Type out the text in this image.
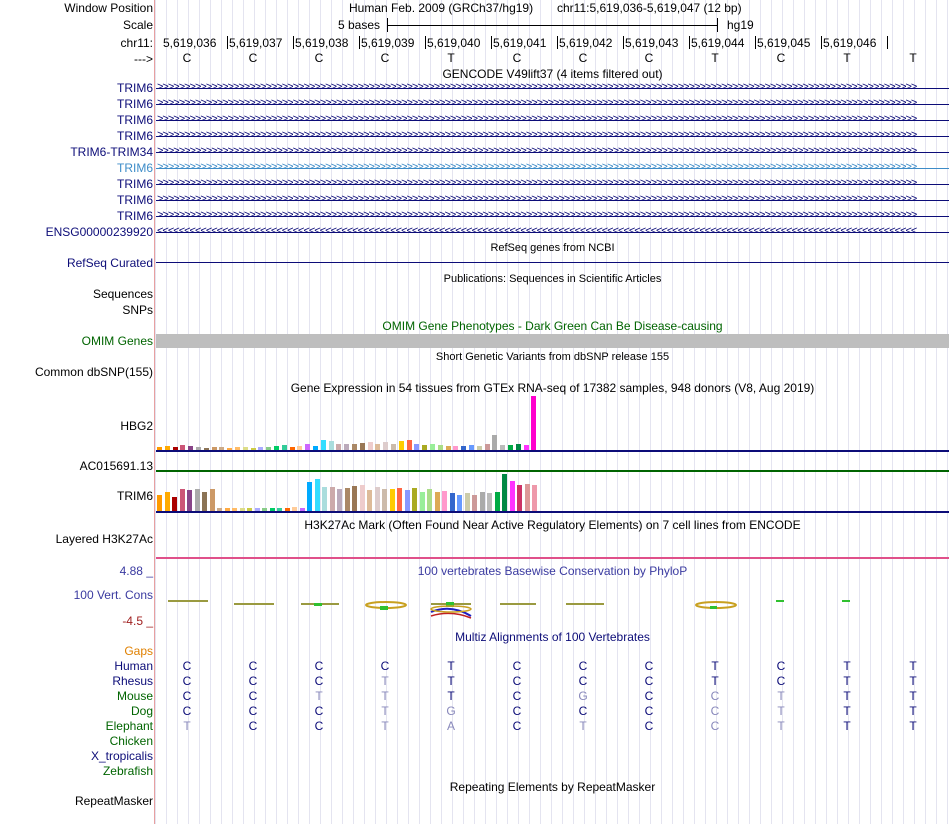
Window Position	Human Feb. 2009 (GRCh37/hg19) chr11:5,619,036-5,619,047 (12 bp)
Scale	5 bases	hg19
chr11: 5,619,036 5,619,037 5,619,038 5,619,039 5,619,040 5,619,041 5,619,042 5,619,043 5,619,044 5,619,045 5,619,046
--->	C	C	C	C	T	C	C	C	T	C	T	T
GENCODE V49lift37 (4 items filtered out)
TRIM6 >>>>>>>>>>>>>>>>>>>>>>>>>>>>>>>>>>>>>>>>>>>>>>>>>>>>>>>>>>>>>>>>>>>>>>>>>>>>>>>>>>>>>>>>>>>>>>>>>>>>>>>>>>>>>>>>>>>>>>>>>>>>>>>>>>>>>>>>>>>>
TRIM6 >>>>>>>>>>>>>>>>>>>>>>>>>>>>>>>>>>>>>>>>>>>>>>>>>>>>>>>>>>>>>>>>>>>>>>>>>>>>>>>>>>>>>>>>>>>>>>>>>>>>>>>>>>>>>>>>>>>>>>>>>>>>>>>>>>>>>>>>>>>>
TRIM6 >>>>>>>>>>>>>>>>>>>>>>>>>>>>>>>>>>>>>>>>>>>>>>>>>>>>>>>>>>>>>>>>>>>>>>>>>>>>>>>>>>>>>>>>>>>>>>>>>>>>>>>>>>>>>>>>>>>>>>>>>>>>>>>>>>>>>>>>>>>>
TRIM6 >>>>>>>>>>>>>>>>>>>>>>>>>>>>>>>>>>>>>>>>>>>>>>>>>>>>>>>>>>>>>>>>>>>>>>>>>>>>>>>>>>>>>>>>>>>>>>>>>>>>>>>>>>>>>>>>>>>>>>>>>>>>>>>>>>>>>>>>>>>>
TRIM6-TRIM34 >>>>>>>>>>>>>>>>>>>>>>>>>>>>>>>>>>>>>>>>>>>>>>>>>>>>>>>>>>>>>>>>>>>>>>>>>>>>>>>>>>>>>>>>>>>>>>>>>>>>>>>>>>>>>>>>>>>>>>>>>>>>>>>>>>>>>>>>>>>>
TRIM6 >>>>>>>>>>>>>>>>>>>>>>>>>>>>>>>>>>>>>>>>>>>>>>>>>>>>>>>>>>>>>>>>>>>>>>>>>>>>>>>>>>>>>>>>>>>>>>>>>>>>>>>>>>>>>>>>>>>>>>>>>>>>>>>>>>>>>>>>>>>>
TRIM6 >>>>>>>>>>>>>>>>>>>>>>>>>>>>>>>>>>>>>>>>>>>>>>>>>>>>>>>>>>>>>>>>>>>>>>>>>>>>>>>>>>>>>>>>>>>>>>>>>>>>>>>>>>>>>>>>>>>>>>>>>>>>>>>>>>>>>>>>>>>>
TRIM6 >>>>>>>>>>>>>>>>>>>>>>>>>>>>>>>>>>>>>>>>>>>>>>>>>>>>>>>>>>>>>>>>>>>>>>>>>>>>>>>>>>>>>>>>>>>>>>>>>>>>>>>>>>>>>>>>>>>>>>>>>>>>>>>>>>>>>>>>>>>>
TRIM6 >>>>>>>>>>>>>>>>>>>>>>>>>>>>>>>>>>>>>>>>>>>>>>>>>>>>>>>>>>>>>>>>>>>>>>>>>>>>>>>>>>>>>>>>>>>>>>>>>>>>>>>>>>>>>>>>>>>>>>>>>>>>>>>>>>>>>>>>>>>>
ENSG00000239920 <<<<<<<<<<<<<<<<<<<<<<<<<<<<<<<<<<<<<<<<<<<<<<<<<<<<<<<<<<<<<<<<<<<<<<<<<<<<<<<<<<<<<<<<<<<<<<<<<<<<<<<<<<<<<<<<<<<<<<<<<<<<<<<<<<<<<<<<<<<<
RefSeq genes from NCBI
RefSeq Curated
Publications: Sequences in Scientific Articles
Sequences
SNPs
OMIM Gene Phenotypes - Dark Green Can Be Disease-causing
OMIM Genes
Short Genetic Variants from dbSNP release 155
Common dbSNP(155)
Gene Expression in 54 tissues from GTEx RNA-seq of 17382 samples, 948 donors (V8, Aug 2019)
HBG2
AC015691.13
TRIM6
H3K27Ac Mark (Often Found Near Active Regulatory Elements) on 7 cell lines from ENCODE
Layered H3K27Ac
100 vertebrates Basewise Conservation by PhyloP
4.88 _
100 Vert. Cons
-4.5 _
Multiz Alignments of 100 Vertebrates
Gaps
Human	C	C	C	C	T	C	C	C	T	C	T	T
Rhesus	C	C	C	T	T	C	C	C	T	C	T	T
Mouse	C	C	T	T	T	C	G	C	C	T	T	T
Dog	C	C	C	T	G	C	C	C	C	T	T	T
Elephant	T	C	C	T	A	C	T	C	C	T	T	T
Chicken
X_tropicalis
Zebrafish
Repeating Elements by RepeatMasker
RepeatMasker
